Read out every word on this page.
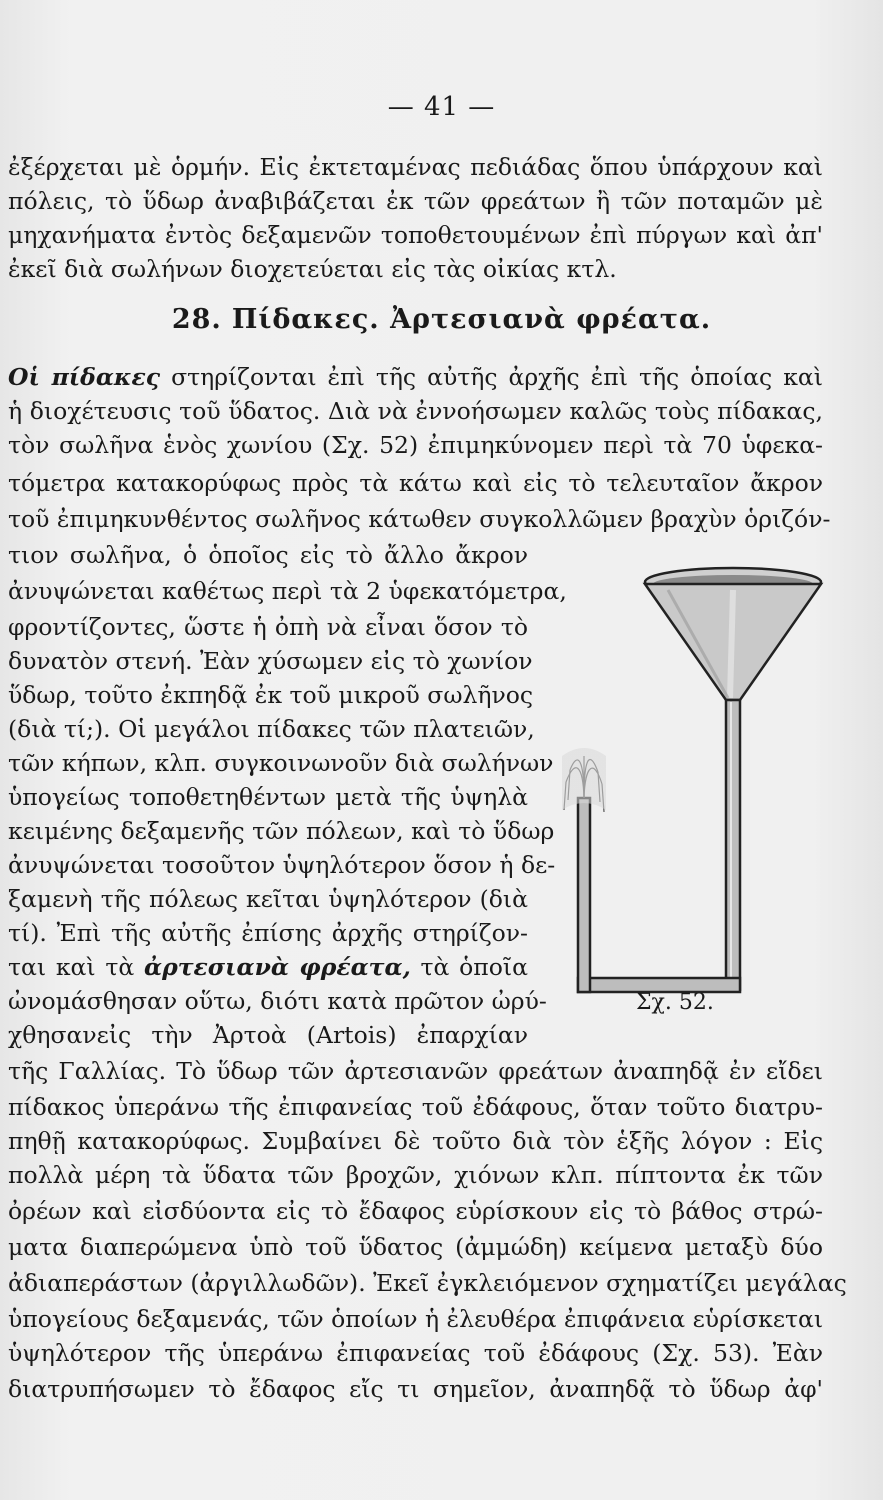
— 41 —
ἐξέρχεται μὲ ὁρμήν. Εἰς ἐκτεταμένας πεδιάδας ὅπου ὑπάρχουν καὶ
πόλεις, τὸ ὕδωρ ἀναβιβάζεται ἐκ τῶν φρεάτων ἢ τῶν ποταμῶν μὲ
μηχανήματα ἐντὸς δεξαμενῶν τοποθετουμένων ἐπὶ πύργων καὶ ἀπ'
ἐκεῖ διὰ σωλήνων διοχετεύεται εἰς τὰς οἰκίας κτλ.
28. Πίδακες. Ἀρτεσιανὰ φρέατα.
Οἱ πίδακες στηρίζονται ἐπὶ τῆς αὐτῆς ἀρχῆς ἐπὶ τῆς ὁποίας καὶ
ἡ διοχέτευσις τοῦ ὕδατος. Διὰ νὰ ἐννοήσωμεν καλῶς τοὺς πίδακας,
τὸν σωλῆνα ἑνὸς χωνίου (Σχ. 52) ἐπιμηκύνομεν περὶ τὰ 70 ὑφεκα-
τόμετρα κατακορύφως πρὸς τὰ κάτω καὶ εἰς τὸ τελευταῖον ἄκρον
τοῦ ἐπιμηκυνθέντος σωλῆνος κάτωθεν συγκολλῶμεν βραχὺν ὁριζόν-
τιον σωλῆνα, ὁ ὁποῖος εἰς τὸ ἄλλο ἄκρον
ἀνυψώνεται καθέτως περὶ τὰ 2 ὑφεκατόμετρα,
φροντίζοντες, ὥστε ἡ ὀπὴ νὰ εἶναι ὅσον τὸ
δυνατὸν στενή. Ἐὰν χύσωμεν εἰς τὸ χωνίον
ὕδωρ, τοῦτο ἐκπηδᾷ ἐκ τοῦ μικροῦ σωλῆνος
(διὰ τί;). Οἱ μεγάλοι πίδακες τῶν πλατειῶν,
τῶν κήπων, κλπ. συγκοινωνοῦν διὰ σωλήνων
ὑπογείως τοποθετηθέντων μετὰ τῆς ὑψηλὰ
κειμένης δεξαμενῆς τῶν πόλεων, καὶ τὸ ὕδωρ
ἀνυψώνεται τοσοῦτον ὑψηλότερον ὅσον ἡ δε-
ξαμενὴ τῆς πόλεως κεῖται ὑψηλότερον (διὰ
τί). Ἐπὶ τῆς αὐτῆς ἐπίσης ἀρχῆς στηρίζον-
ται καὶ τὰ ἀρτεσιανὰ φρέατα, τὰ ὁποῖα
ὠνομάσθησαν οὕτω, διότι κατὰ πρῶτον ὠρύ-
χθησανεἰς τὴν Ἀρτοὰ (Artois) ἐπαρχίαν
τῆς Γαλλίας. Τὸ ὕδωρ τῶν ἀρτεσιανῶν φρεάτων ἀναπηδᾷ ἐν εἴδει
πίδακος ὑπεράνω τῆς ἐπιφανείας τοῦ ἐδάφους, ὅταν τοῦτο διατρυ-
πηθῇ κατακορύφως. Συμβαίνει δὲ τοῦτο διὰ τὸν ἑξῆς λόγον : Εἰς
πολλὰ μέρη τὰ ὕδατα τῶν βροχῶν, χιόνων κλπ. πίπτοντα ἐκ τῶν
ὀρέων καὶ εἰσδύοντα εἰς τὸ ἔδαφος εὑρίσκουν εἰς τὸ βάθος στρώ-
ματα διαπερώμενα ὑπὸ τοῦ ὕδατος (ἀμμώδη) κείμενα μεταξὺ δύο
ἀδιαπεράστων (ἀργιλλωδῶν). Ἐκεῖ ἐγκλειόμενον σχηματίζει μεγάλας
ὑπογείους δεξαμενάς, τῶν ὁποίων ἡ ἐλευθέρα ἐπιφάνεια εὑρίσκεται
ὑψηλότερον τῆς ὑπεράνω ἐπιφανείας τοῦ ἐδάφους (Σχ. 53). Ἐὰν
διατρυπήσωμεν τὸ ἔδαφος εἴς τι σημεῖον, ἀναπηδᾷ τὸ ὕδωρ ἀφ'
Σχ. 52.
